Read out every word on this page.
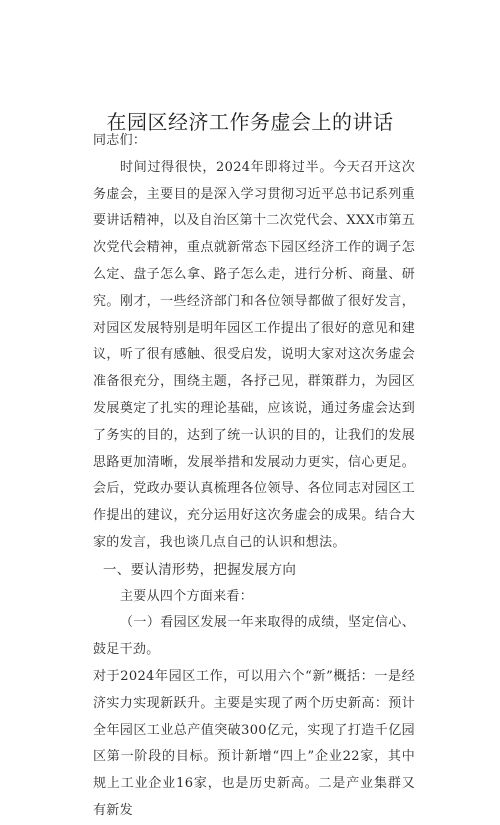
在园区经济工作务虚会上的讲话

同志们：

时间过得很快，2024年即将过半。今天召开这次务虚会，主要目的是深入学习贯彻习近平总书记系列重要讲话精神，以及自治区第十二次党代会、XXX市第五次党代会精神，重点就新常态下园区经济工作的调子怎么定、盘子怎么拿、路子怎么走，进行分析、商量、研究。刚才，一些经济部门和各位领导都做了很好发言，对园区发展特别是明年园区工作提出了很好的意见和建议，听了很有感触、很受启发，说明大家对这次务虚会准备很充分，围绕主题，各抒己见，群策群力，为园区发展奠定了扎实的理论基础，应该说，通过务虚会达到了务实的目的，达到了统一认识的目的，让我们的发展思路更加清晰，发展举措和发展动力更实，信心更足。会后，党政办要认真梳理各位领导、各位同志对园区工作提出的建议，充分运用好这次务虚会的成果。结合大家的发言，我也谈几点自己的认识和想法。

一、要认清形势，把握发展方向

主要从四个方面来看：

（一）看园区发展一年来取得的成绩，坚定信心、鼓足干劲。

对于2024年园区工作，可以用六个“新”概括：一是经济实力实现新跃升。主要是实现了两个历史新高：预计全年园区工业总产值突破300亿元，实现了打造千亿园区第一阶段的目标。预计新增“四上”企业22家，其中规上工业企业16家，也是历史新高。二是产业集群又有新发
